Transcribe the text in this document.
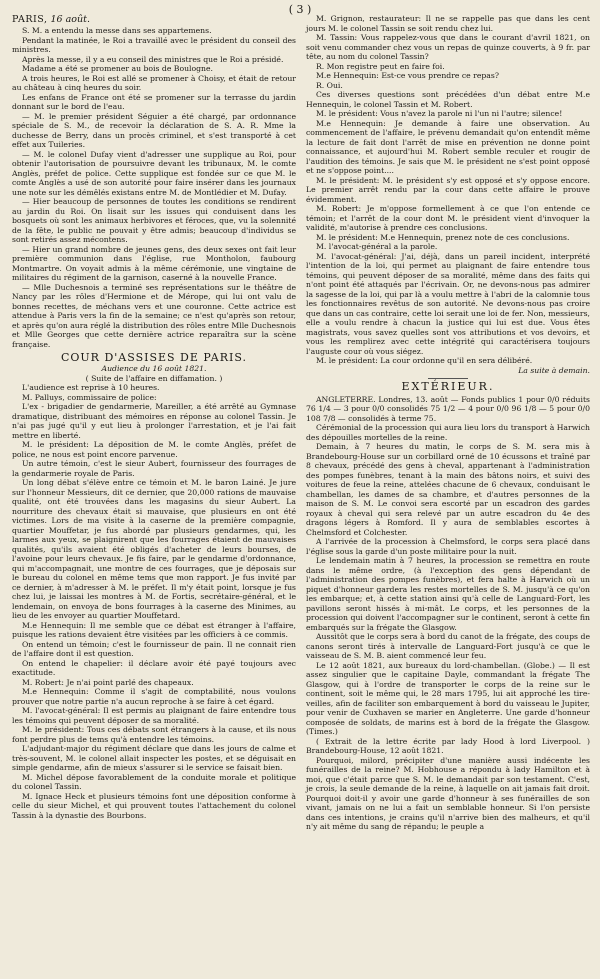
( 3 )

PARIS, 16 août.

S. M. a entendu la messe dans ses appartemens.

Pendant la matinée, le Roi a travaillé avec le président du conseil des ministres.

Après la messe, il y a eu conseil des ministres que le Roi a présidé.

Madame a été se promener au bois de Boulogne.

A trois heures, le Roi est allé se promener à Choisy, et était de retour au château à cinq heures du soir.

Les enfans de France ont été se promener sur la terrasse du jardin donnant sur le bord de l'eau.

— M. le premier président Séguier a été chargé, par ordonnance spéciale de S. M., de recevoir la déclaration de S. A. R. Mme la duchesse de Berry, dans un procès criminel, et s'est transporté à cet effet aux Tuileries.

— M. le colonel Dufay vient d'adresser une supplique au Roi, pour obtenir l'autorisation de poursuivre devant les tribunaux, M. le comte Anglès, préfet de police. Cette supplique est fondée sur ce que M. le comte Anglès a usé de son autorité pour faire insérer dans les journaux une note sur les démêlés existans entre M. de Montlédier et M. Dufay.

— Hier beaucoup de personnes de toutes les conditions se rendirent au jardin du Roi. On lisait sur les issues qui conduisent dans les bosquets où sont les animaux herbivores et féroces, que, vu la solennité de la fête, le public ne pouvait y être admis; beaucoup d'individus se sont retirés assez mécontens.

— Hier un grand nombre de jeunes gens, des deux sexes ont fait leur première communion dans l'église, rue Montholon, faubourg Montmartre. On voyait admis à la même cérémonie, une vingtaine de militaires du régiment de la garnison, caserné à la nouvelle France.

— Mlle Duchesnois a terminé ses représentations sur le théâtre de Nancy par les rôles d'Hermione et de Mérope, qui lui ont valu de bonnes recettes, de méchans vers et une couronne. Cette actrice est attendue à Paris vers la fin de la semaine; ce n'est qu'après son retour, et après qu'on aura réglé la distribution des rôles entre Mlle Duchesnois et Mlle Georges que cette dernière actrice reparaîtra sur la scène française.

COUR D'ASSISES DE PARIS.

Audience du 16 août 1821.

( Suite de l'affaire en diffamation. )

L'audience est reprise à 10 heures.

M. Palluys, commissaire de police:

L'ex - brigadier de gendarmerie, Mareiller, a été arrêté au Gymnase dramatique, distribuant des mémoires en réponse au colonel Tassin. Je n'ai pas jugé qu'il y eut lieu à prolonger l'arrestation, et je l'ai fait mettre en liberté.

M. le président: La déposition de M. le comte Anglès, préfet de police, ne nous est point encore parvenue.

Un autre témoin, c'est le sieur Aubert, fournisseur des fourrages de la gendarmerie royale de Paris.

Un long débat s'élève entre ce témoin et M. le baron Lainé. Je jure sur l'honneur Messieurs, dit ce dernier, que 20,000 rations de mauvaise qualité, ont été trouvées dans les magasins du sieur Aubert. La nourriture des chevaux était si mauvaise, que plusieurs en ont été victimes. Lors de ma visite à la caserne de la première compagnie, quartier Mouffetar, je fus abordé par plusieurs gendarmes, qui, les larmes aux yeux, se plaignirent que les fourrages étaient de mauvaises qualités, qu'ils avaient été obligés d'acheter de leurs bourses, de l'avoine pour leurs chevaux. Je fis faire, par le gendarme d'ordonnance, qui m'accompagnait, une montre de ces fourrages, que je déposais sur le bureau du colonel en même tems que mon rapport. Je fus invité par ce dernier, à m'adresser à M. le préfet. Il m'y était point, lorsque je fus chez lui, je laissai les montres à M. de Fortis, secrétaire-général, et le lendemain, on envoya de bons fourrages à la caserne des Minimes, au lieu de les envoyer au quartier Mouffetard.

M.e Hennequin: Il me semble que ce débat est étranger à l'affaire, puisque les rations devaient être visitées par les officiers à ce commis.

On entend un témoin; c'est le fournisseur de pain. Il ne connait rien de l'affaire dont il est question.

On entend le chapelier: il déclare avoir été payé toujours avec exactitude.

M. Robert: Je n'ai point parlé des chapeaux.

M.e Hennequin: Comme il s'agit de comptabilité, nous voulons prouver que notre partie n'a aucun reproche à se faire à cet égard.

M. l'avocat-général: Il est permis au plaignant de faire entendre tous les témoins qui peuvent déposer de sa moralité.

M. le président: Tous ces débats sont étrangers à la cause, et ils nous font perdre plus de tems qu'à entendre les témoins.

L'adjudant-major du régiment déclare que dans les jours de calme et très-souvent, M. le colonel allait inspecter les postes, et se déguisait en simple gendarme, afin de mieux s'assurer si le service se faisait bien.

M. Michel dépose favorablement de la conduite morale et politique du colonel Tassin.

M. Ignace Heck et plusieurs témoins font une déposition conforme à celle du sieur Michel, et qui prouvent toutes l'attachement du colonel Tassin à la dynastie des Bourbons.

M. Grignon, restaurateur: Il ne se rappelle pas que dans les cent jours M. le colonel Tassin se soit rendu chez lui.

M. Tassin: Vous rappelez-vous que dans le courant d'avril 1821, on soit venu commander chez vous un repas de quinze couverts, à 9 fr. par tête, au nom du colonel Tassin?

R. Mon registre peut en faire foi.

M.e Hennequin: Est-ce vous prendre ce repas?

R. Oui.

Ces diverses questions sont précédées d'un débat entre M.e Hennequin, le colonel Tassin et M. Robert.

M. le président: Vous n'avez la parole ni l'un ni l'autre; silence!

M.e Hennequin: Je demande à faire une observation. Au commencement de l'affaire, le prévenu demandait qu'on entendît même la lecture de fait dont l'arrêt de mise en prévention ne donne point connaissance, et aujourd'hui M. Robert semble reculer et rougir de l'audition des témoins. Je sais que M. le président ne s'est point opposé et ne s'oppose point....

M. le président: M. le président s'y est opposé et s'y oppose encore. Le premier arrêt rendu par la cour dans cette affaire le prouve évidemment.

M. Robert: Je m'oppose formellement à ce que l'on entende ce témoin; et l'arrêt de la cour dont M. le président vient d'invoquer la validité, m'autorise à prendre ces conclusions.

M. le président: M.e Hennequin, prenez note de ces conclusions.

M. l'avocat-général a la parole.

M. l'avocat-général: J'ai, déjà, dans un pareil incident, interprété l'intention de la loi, qui permet au plaignant de faire entendre tous témoins, qui peuvent déposer de sa moralité, même dans des faits qui n'ont point été attaqués par l'écrivain. Or, ne devons-nous pas admirer la sagesse de la loi, qui par là a voulu mettre à l'abri de la calomnie tous les fonctionnaires revêtus de son autorité. Ne devons-nous pas croire que dans un cas contraire, cette loi serait une loi de fer. Non, messieurs, elle a voulu rendre à chacun la justice qui lui est due. Vous êtes magistrats, vous savez quelles sont vos attributions et vos devoirs, et vous les remplirez avec cette intégrité qui caractérisera toujours l'auguste cour où vous siégez.

M. le président: La cour ordonne qu'il en sera délibéré.

La suite à demain.

EXTÉRIEUR.

ANGLETERRE. Londres, 13. août — Fonds publics 1 pour 0/0 réduits 76 1/4 — 3 pour 0/0 consolidés 75 1/2 — 4 pour 0/0 96 1/8 — 5 pour 0/0 108 7/8 — consolidés à terme 75.

Cérémonial de la procession qui aura lieu lors du transport à Harwich des dépouilles mortelles de la reine.

Demain, à 7 heures du matin, le corps de S. M. sera mis à Brandebourg-House sur un corbillard orné de 10 écussons et traîné par 8 chevaux, précédé des gens à cheval, appartenant à l'administration des pompes funèbres, tenant à la main des bâtons noirs, et suivi des voitures de feue la reine, attelées chacune de 6 chevaux, conduisant le chambellan, les dames de sa chambre, et d'autres personnes de la maison de S. M. Le convoi sera escorté par un escadron des gardes royaux à cheval qui sera relevé par un autre escadron du 4e des dragons légers à Romford. Il y aura de semblables escortes à Chelmsford et Colchester.

A l'arrivée de la procession à Chelmsford, le corps sera placé dans l'église sous la garde d'un poste militaire pour la nuit.

Le lendemain matin à 7 heures, la procession se remettra en route dans le même ordre, (à l'exception des gens dépendant de l'administration des pompes funèbres), et fera halte à Harwich où un piquet d'honneur gardera les restes mortelles de S. M. jusqu'à ce qu'on les embarque; et, à cette station ainsi qu'à celle de Languard-Fort, les pavillons seront hissés à mi-mât. Le corps, et les personnes de la procession qui doivent l'accompagner sur le continent, seront à cette fin embarqués sur la frégate the Glasgow.

Aussitôt que le corps sera à bord du canot de la frégate, des coups de canons seront tirés à intervalle de Languard-Fort jusqu'à ce que le vaisseau de S. M. B. aient commencé leur feu.

Le 12 août 1821, aux bureaux du lord-chambellan. (Globe.) — Il est assez singulier que le capitaine Dayle, commandant la frégate The Glasgow, qui à l'ordre de transporter le corps de la reine sur le continent, soit le même qui, le 28 mars 1795, lui ait approché les tire-veilles, afin de faciliter son embarquement à bord du vaisseau le Jupiter, pour venir de Cuxhaven se marier en Angleterre. Une garde d'honneur composée de soldats, de marins est à bord de la frégate the Glasgow. (Times.)

( Extrait de la lettre écrite par lady Hood à lord Liverpool. ) Brandebourg-House, 12 août 1821.

Pourquoi, milord, précipiter d'une manière aussi indécente les funérailles de la reine? M. Hobhouse a répondu à lady Hamilton et à moi, que c'était parce que S. M. le demandait par son testament. C'est, je crois, la seule demande de la reine, à laquelle on ait jamais fait droit. Pourquoi doit-il y avoir une garde d'honneur à ses funérailles de son vivant, jamais on ne lui a fait un semblable honneur. Si l'on persiste dans ces intentions, je crains qu'il n'arrive bien des malheurs, et qu'il n'y ait même du sang de répandu; le peuple a
